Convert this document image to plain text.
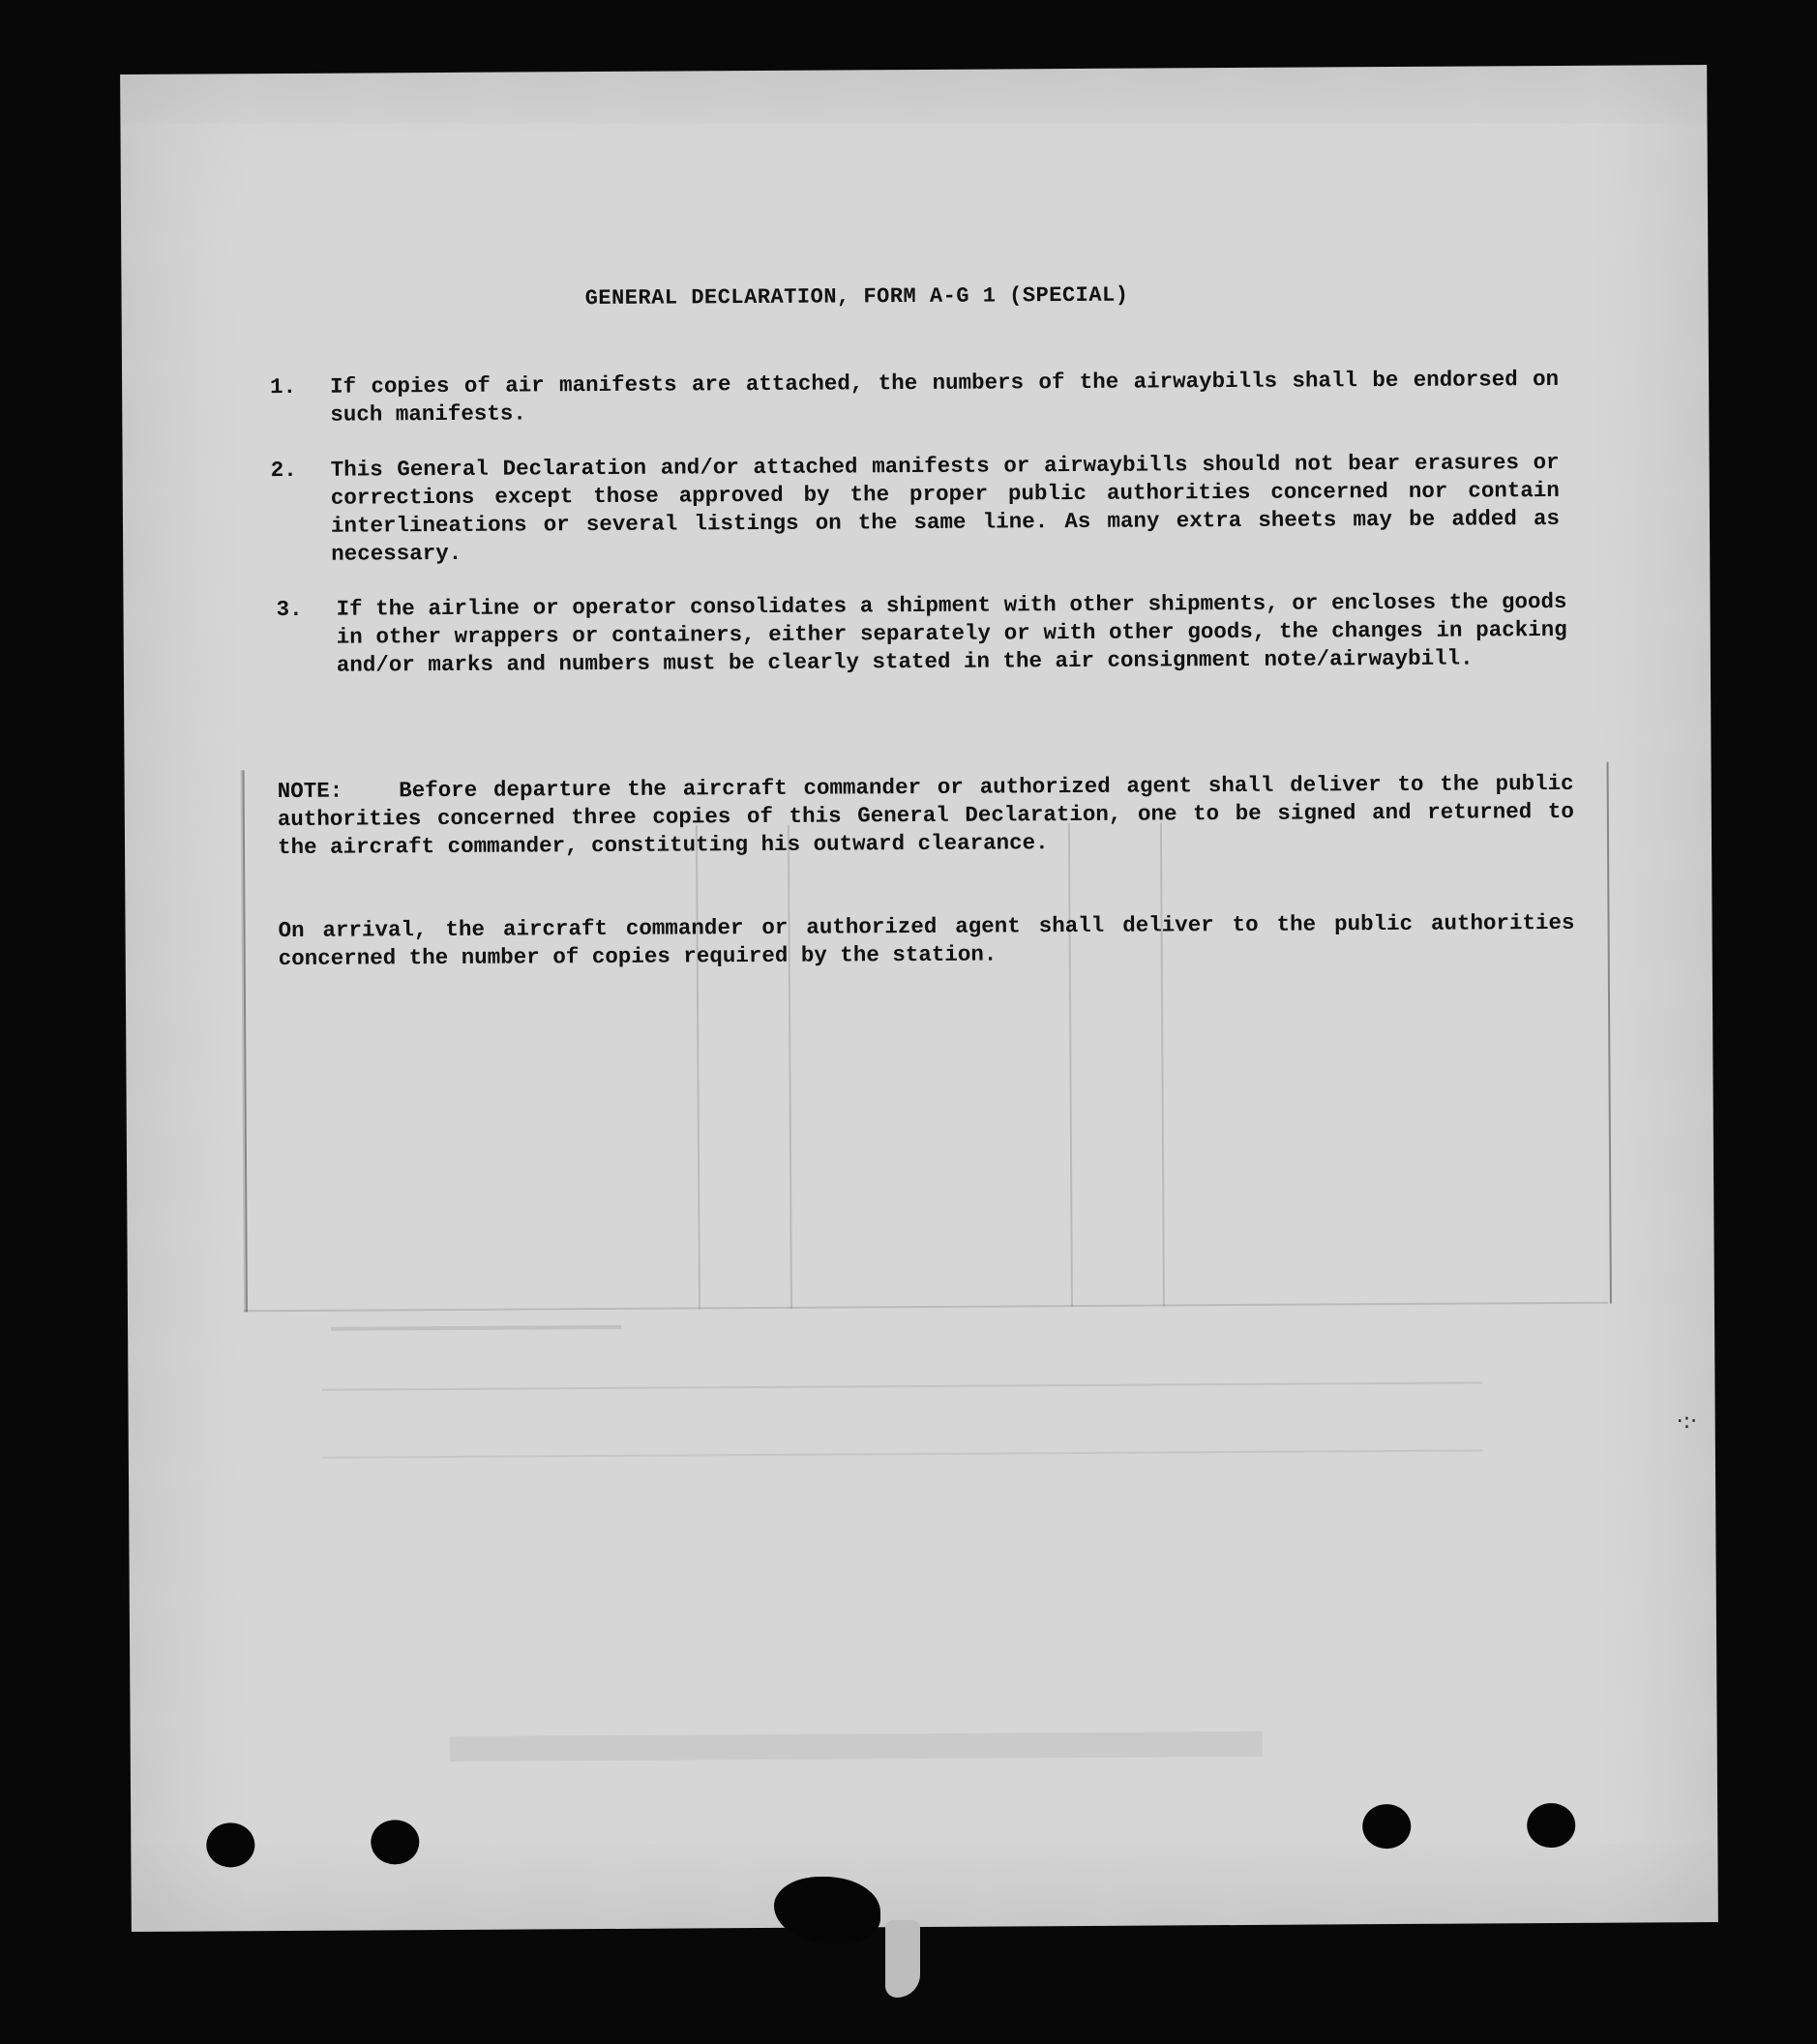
GENERAL DECLARATION, FORM A-G 1 (SPECIAL)
1. If copies of air manifests are attached, the numbers of the airwaybills shall be endorsed on such manifests.

2. This General Declaration and/or attached manifests or airwaybills should not bear erasures or corrections except those approved by the proper public authorities concerned nor contain interlineations or several listings on the same line. As many extra sheets may be added as necessary.

3. If the airline or operator consolidates a shipment with other shipments, or encloses the goods in other wrappers or containers, either separately or with other goods, the changes in packing and/or marks and numbers must be clearly stated in the air consignment note/airwaybill.

NOTE:	Before departure the aircraft commander or authorized agent shall deliver to the public authorities concerned three copies of this General Declaration, one to be signed and returned to the aircraft commander, constituting his outward clearance.
On arrival, the aircraft commander or authorized agent shall deliver to the public authorities concerned the number of copies required by the station.
·:·
